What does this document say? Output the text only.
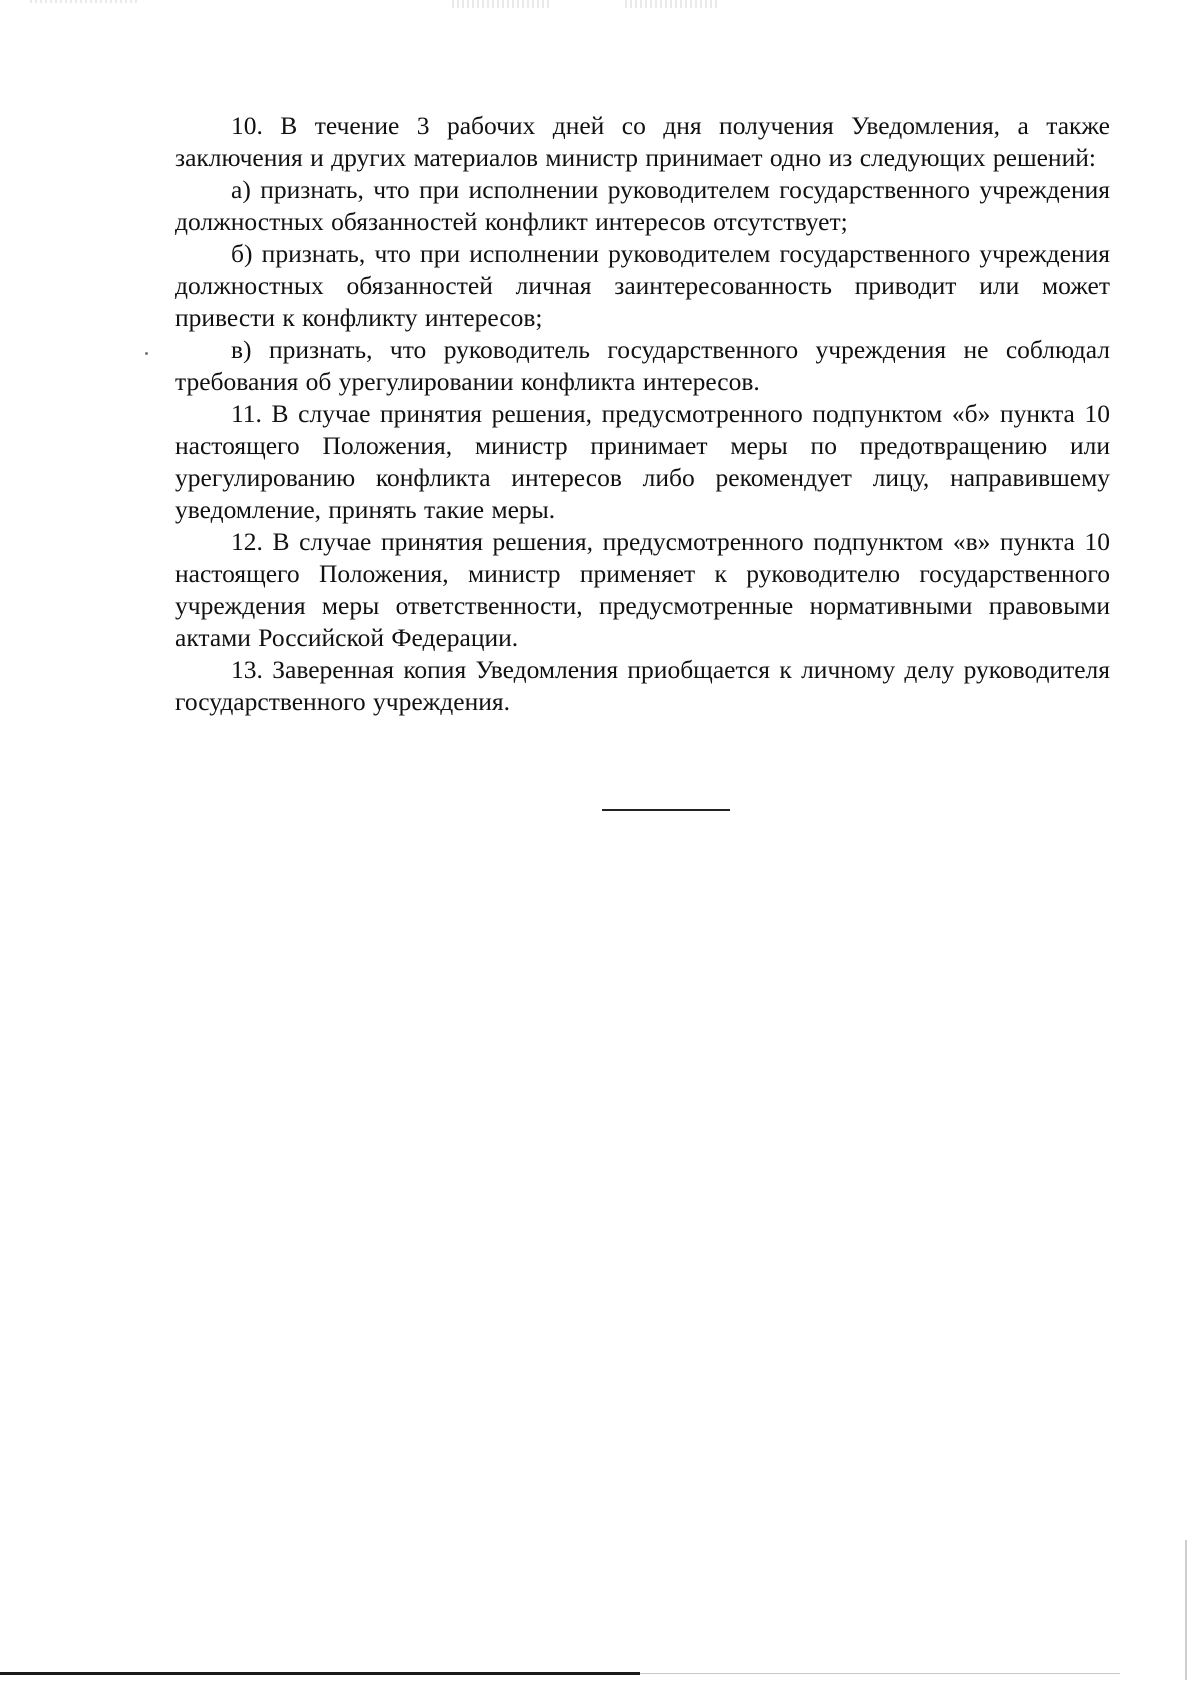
10. В течение 3 рабочих дней со дня получения Уведомления, а также заключения и других материалов министр принимает одно из следующих решений:

а) признать, что при исполнении руководителем государственного учреждения должностных обязанностей конфликт интересов отсутствует;

б) признать, что при исполнении руководителем государственного учреждения должностных обязанностей личная заинтересованность приводит или может привести к конфликту интересов;

в) признать, что руководитель государственного учреждения не соблюдал требования об урегулировании конфликта интересов.

11. В случае принятия решения, предусмотренного подпунктом «б» пункта 10 настоящего Положения, министр принимает меры по предотвращению или урегулированию конфликта интересов либо рекомендует лицу, направившему уведомление, принять такие меры.

12. В случае принятия решения, предусмотренного подпунктом «в» пункта 10 настоящего Положения, министр применяет к руководителю государственного учреждения меры ответственности, предусмотренные нормативными правовыми актами Российской Федерации.

13. Заверенная копия Уведомления приобщается к личному делу руководителя государственного учреждения.
